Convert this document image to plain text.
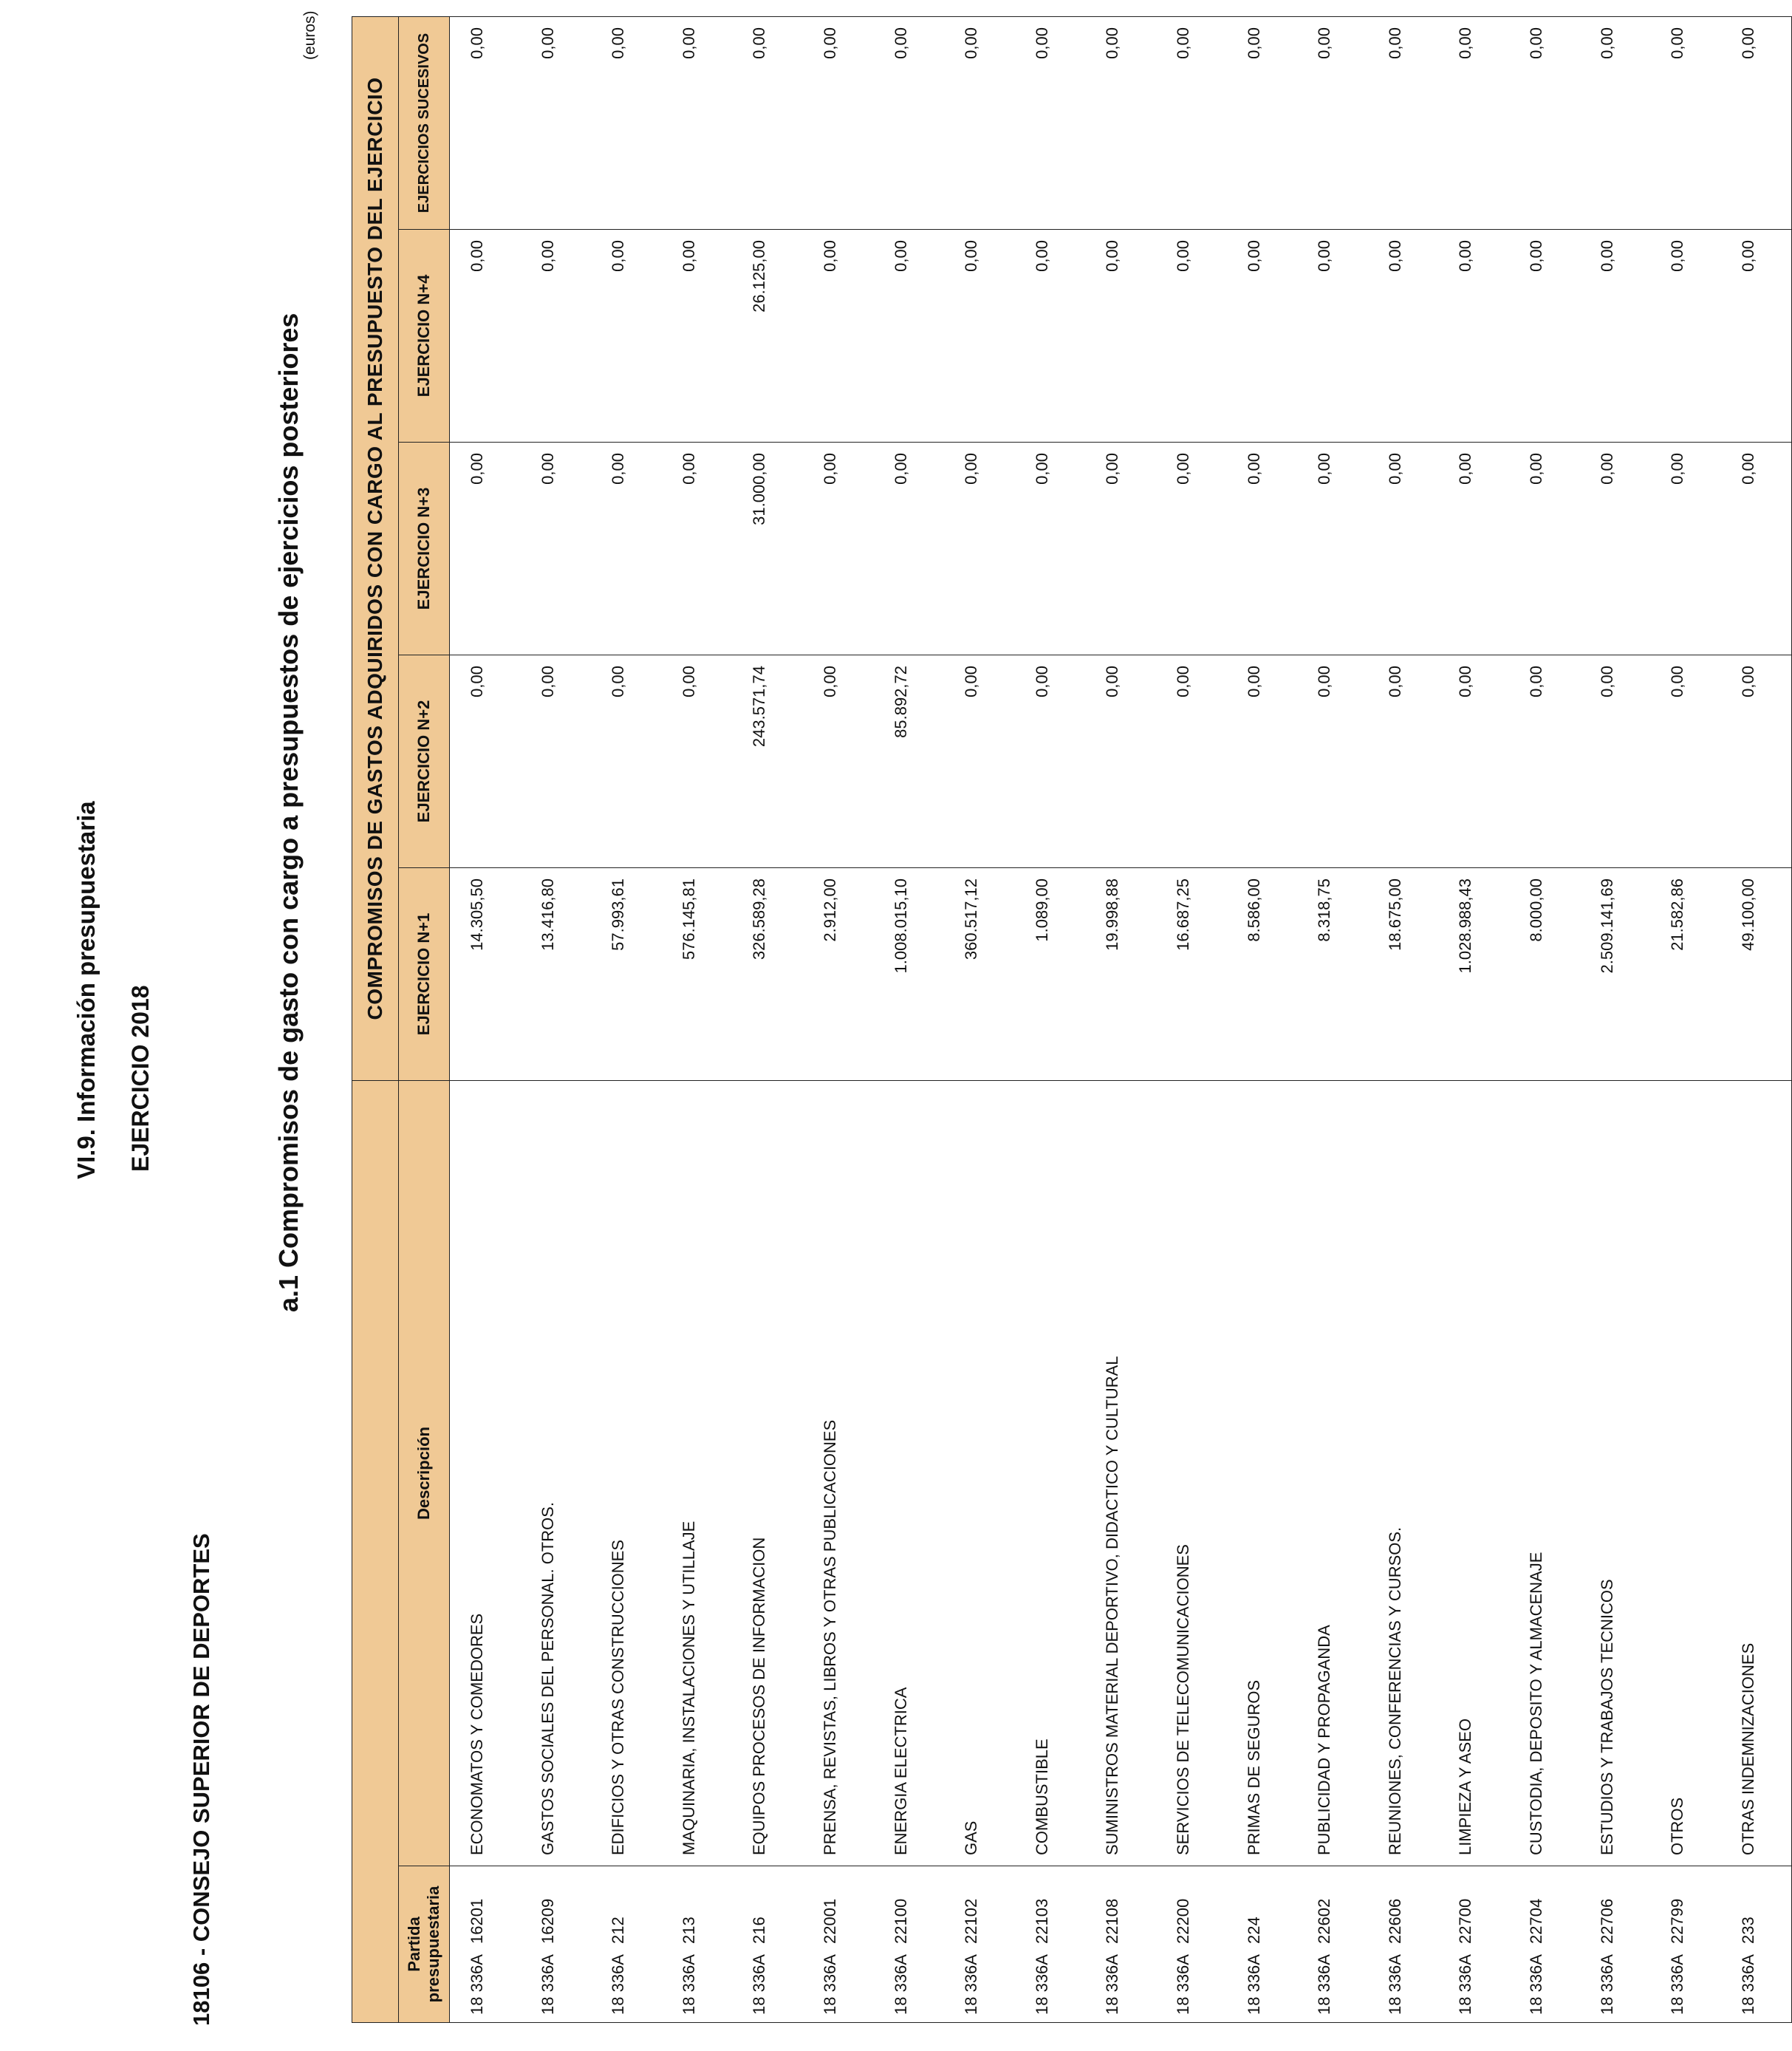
VI.9. Información presupuestaria EJERCICIO 2018
18106 - CONSEJO SUPERIOR DE DEPORTES
a.1 Compromisos de gasto con cargo a presupuestos de ejercicios posteriores
(euros)
		COMPROMISOS DE GASTOS ADQUIRIDOS CON CARGO AL PRESUPUESTO DEL EJERCICIO				
Partida presupuestaria	Descripción	EJERCICIO N+1	EJERCICIO N+2	EJERCICIO N+3	EJERCICIO N+4	EJERCICIOS SUCESIVOS
18 336A16201	ECONOMATOS Y COMEDORES	14.305,50	0,00	0,00	0,00	0,00
18 336A16209	GASTOS SOCIALES DEL PERSONAL. OTROS.	13.416,80	0,00	0,00	0,00	0,00
18 336A212	EDIFICIOS Y OTRAS CONSTRUCCIONES	57.993,61	0,00	0,00	0,00	0,00
18 336A213	MAQUINARIA, INSTALACIONES Y UTILLAJE	576.145,81	0,00	0,00	0,00	0,00
18 336A216	EQUIPOS PROCESOS DE INFORMACION	326.589,28	243.571,74	31.000,00	26.125,00	0,00
18 336A22001	PRENSA, REVISTAS, LIBROS Y OTRAS PUBLICACIONES	2.912,00	0,00	0,00	0,00	0,00
18 336A22100	ENERGIA ELECTRICA	1.008.015,10	85.892,72	0,00	0,00	0,00
18 336A22102	GAS	360.517,12	0,00	0,00	0,00	0,00
18 336A22103	COMBUSTIBLE	1.089,00	0,00	0,00	0,00	0,00
18 336A22108	SUMINISTROS MATERIAL DEPORTIVO, DIDACTICO Y CULTURAL	19.998,88	0,00	0,00	0,00	0,00
18 336A22200	SERVICIOS DE TELECOMUNICACIONES	16.687,25	0,00	0,00	0,00	0,00
18 336A224	PRIMAS DE SEGUROS	8.586,00	0,00	0,00	0,00	0,00
18 336A22602	PUBLICIDAD Y PROPAGANDA	8.318,75	0,00	0,00	0,00	0,00
18 336A22606	REUNIONES, CONFERENCIAS Y CURSOS.	18.675,00	0,00	0,00	0,00	0,00
18 336A22700	LIMPIEZA Y ASEO	1.028.988,43	0,00	0,00	0,00	0,00
18 336A22704	CUSTODIA, DEPOSITO Y ALMACENAJE	8.000,00	0,00	0,00	0,00	0,00
18 336A22706	ESTUDIOS Y TRABAJOS TECNICOS	2.509.141,69	0,00	0,00	0,00	0,00
18 336A22799	OTROS	21.582,86	0,00	0,00	0,00	0,00
18 336A233	OTRAS INDEMNIZACIONES	49.100,00	0,00	0,00	0,00	0,00
